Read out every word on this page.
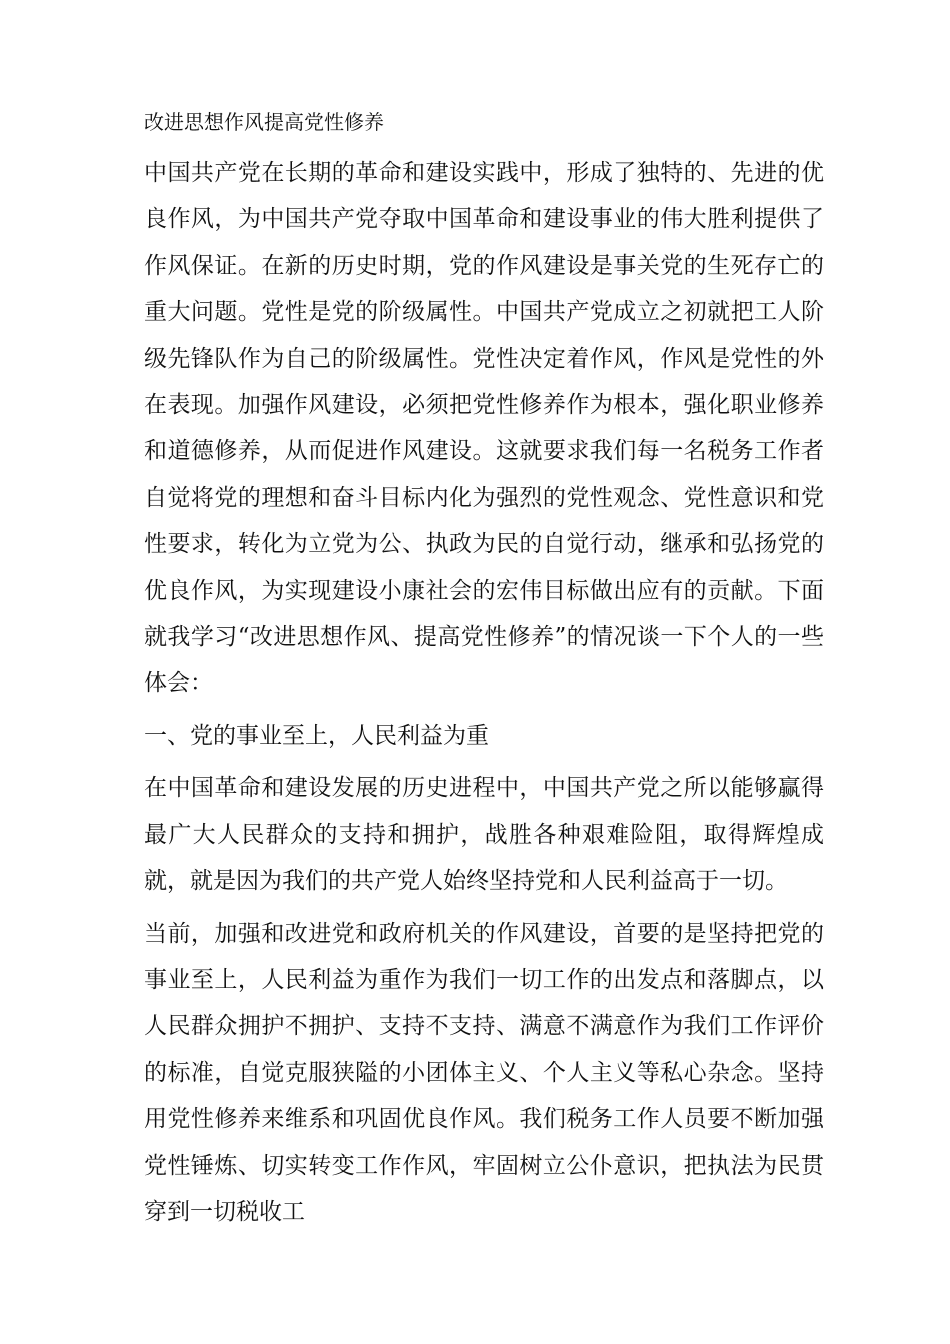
改进思想作风提高党性修养

中国共产党在长期的革命和建设实践中，形成了独特的、先进的优良作风，为中国共产党夺取中国革命和建设事业的伟大胜利提供了作风保证。在新的历史时期，党的作风建设是事关党的生死存亡的重大问题。党性是党的阶级属性。中国共产党成立之初就把工人阶级先锋队作为自己的阶级属性。党性决定着作风，作风是党性的外在表现。加强作风建设，必须把党性修养作为根本，强化职业修养和道德修养，从而促进作风建设。这就要求我们每一名税务工作者自觉将党的理想和奋斗目标内化为强烈的党性观念、党性意识和党性要求，转化为立党为公、执政为民的自觉行动，继承和弘扬党的优良作风，为实现建设小康社会的宏伟目标做出应有的贡献。下面就我学习“改进思想作风、提高党性修养”的情况谈一下个人的一些体会：

一、党的事业至上，人民利益为重

在中国革命和建设发展的历史进程中，中国共产党之所以能够赢得最广大人民群众的支持和拥护，战胜各种艰难险阻，取得辉煌成就，就是因为我们的共产党人始终坚持党和人民利益高于一切。

当前，加强和改进党和政府机关的作风建设，首要的是坚持把党的事业至上，人民利益为重作为我们一切工作的出发点和落脚点，以人民群众拥护不拥护、支持不支持、满意不满意作为我们工作评价的标准，自觉克服狭隘的小团体主义、个人主义等私心杂念。坚持用党性修养来维系和巩固优良作风。我们税务工作人员要不断加强党性锤炼、切实转变工作作风，牢固树立公仆意识，把执法为民贯穿到一切税收工
